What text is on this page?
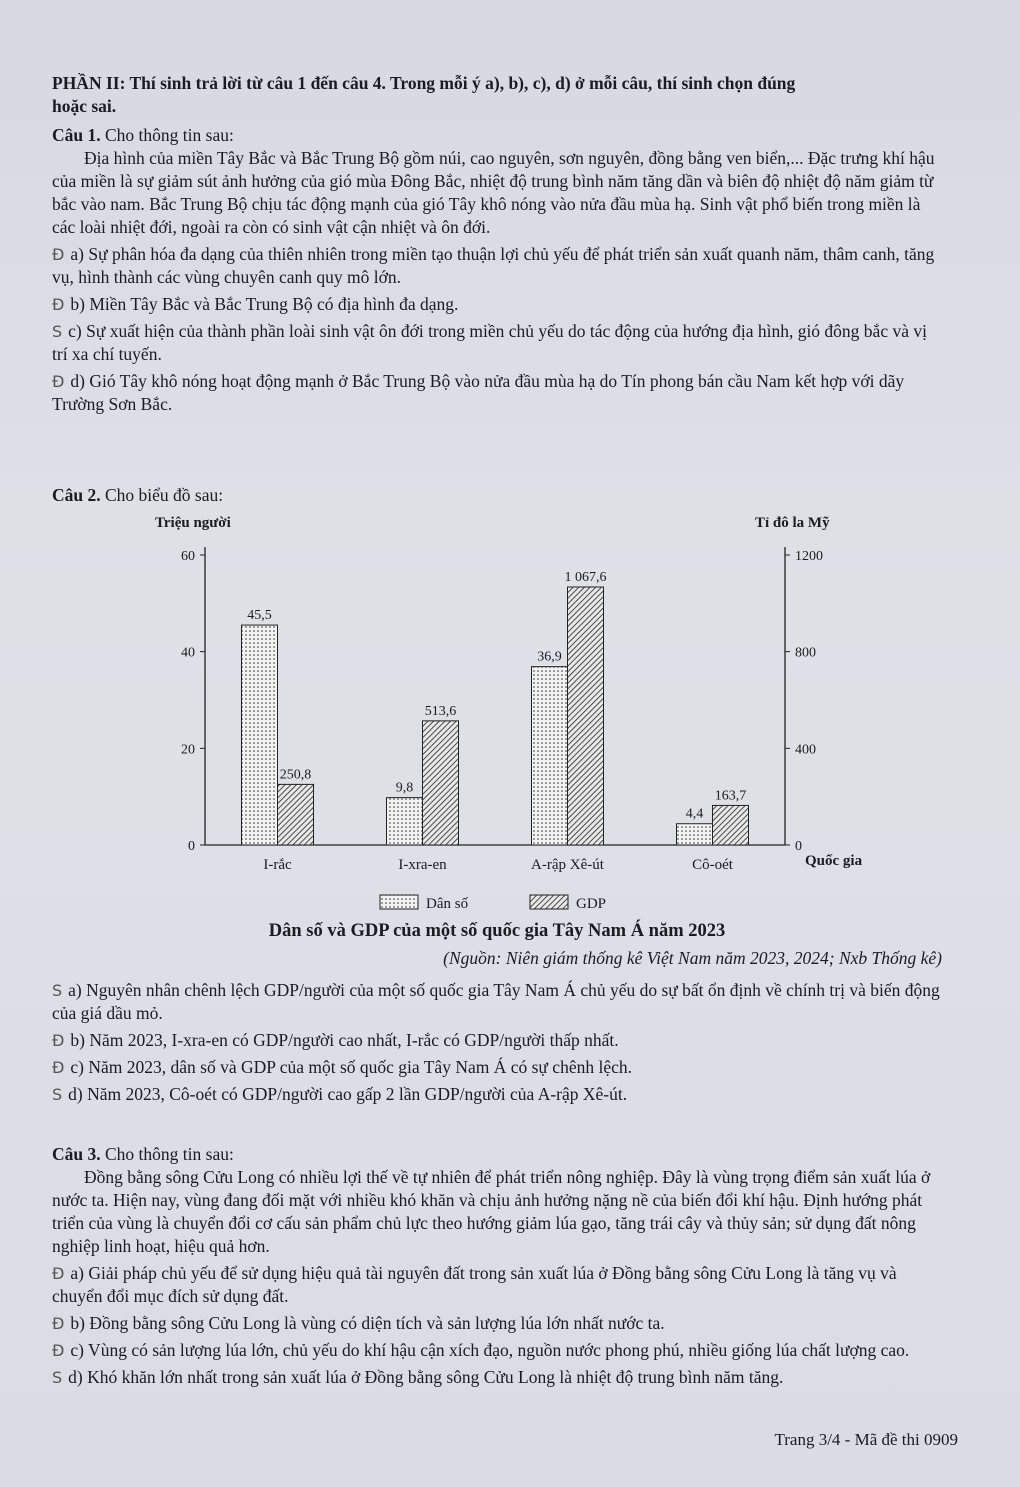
PHẦN II: Thí sinh trả lời từ câu 1 đến câu 4. Trong mỗi ý a), b), c), d) ở mỗi câu, thí sinh chọn đúng

hoặc sai.

Câu 1. Cho thông tin sau:

Địa hình của miền Tây Bắc và Bắc Trung Bộ gồm núi, cao nguyên, sơn nguyên, đồng bằng ven biển,... Đặc trưng khí hậu của miền là sự giảm sút ảnh hưởng của gió mùa Đông Bắc, nhiệt độ trung bình năm tăng dần và biên độ nhiệt độ năm giảm từ bắc vào nam. Bắc Trung Bộ chịu tác động mạnh của gió Tây khô nóng vào nửa đầu mùa hạ. Sinh vật phổ biến trong miền là các loài nhiệt đới, ngoài ra còn có sinh vật cận nhiệt và ôn đới.

Đ a) Sự phân hóa đa dạng của thiên nhiên trong miền tạo thuận lợi chủ yếu để phát triển sản xuất quanh năm, thâm canh, tăng vụ, hình thành các vùng chuyên canh quy mô lớn.

Đ b) Miền Tây Bắc và Bắc Trung Bộ có địa hình đa dạng.

S c) Sự xuất hiện của thành phần loài sinh vật ôn đới trong miền chủ yếu do tác động của hướng địa hình, gió đông bắc và vị trí xa chí tuyến.

Đ d) Gió Tây khô nóng hoạt động mạnh ở Bắc Trung Bộ vào nửa đầu mùa hạ do Tín phong bán cầu Nam kết hợp với dãy Trường Sơn Bắc.

Câu 2. Cho biểu đồ sau:

Triệu người	Tỉ đô la Mỹ
Quốc gia
0
20
40
60
0
400
800
1200
I-rắc
45,5
250,8
I-xra-en
9,8
513,6
A-rập Xê-út
36,9
1 067,6
Cô-oét
4,4
163,7
Dân số	GDP

Dân số và GDP của một số quốc gia Tây Nam Á năm 2023

(Nguồn: Niên giám thống kê Việt Nam năm 2023, 2024; Nxb Thống kê)

S a) Nguyên nhân chênh lệch GDP/người của một số quốc gia Tây Nam Á chủ yếu do sự bất ổn định về chính trị và biến động của giá dầu mỏ.

Đ b) Năm 2023, I-xra-en có GDP/người cao nhất, I-rắc có GDP/người thấp nhất.

Đ c) Năm 2023, dân số và GDP của một số quốc gia Tây Nam Á có sự chênh lệch.

S d) Năm 2023, Cô-oét có GDP/người cao gấp 2 lần GDP/người của A-rập Xê-út.

Câu 3. Cho thông tin sau:

Đồng bằng sông Cửu Long có nhiều lợi thế về tự nhiên để phát triển nông nghiệp. Đây là vùng trọng điểm sản xuất lúa ở nước ta. Hiện nay, vùng đang đối mặt với nhiều khó khăn và chịu ảnh hưởng nặng nề của biến đổi khí hậu. Định hướng phát triển của vùng là chuyển đổi cơ cấu sản phẩm chủ lực theo hướng giảm lúa gạo, tăng trái cây và thủy sản; sử dụng đất nông nghiệp linh hoạt, hiệu quả hơn.

Đ a) Giải pháp chủ yếu để sử dụng hiệu quả tài nguyên đất trong sản xuất lúa ở Đồng bằng sông Cửu Long là tăng vụ và chuyển đổi mục đích sử dụng đất.

Đ b) Đồng bằng sông Cửu Long là vùng có diện tích và sản lượng lúa lớn nhất nước ta.

Đ c) Vùng có sản lượng lúa lớn, chủ yếu do khí hậu cận xích đạo, nguồn nước phong phú, nhiều giống lúa chất lượng cao.

S d) Khó khăn lớn nhất trong sản xuất lúa ở Đồng bằng sông Cửu Long là nhiệt độ trung bình năm tăng.

Trang 3/4 - Mã đề thi 0909
